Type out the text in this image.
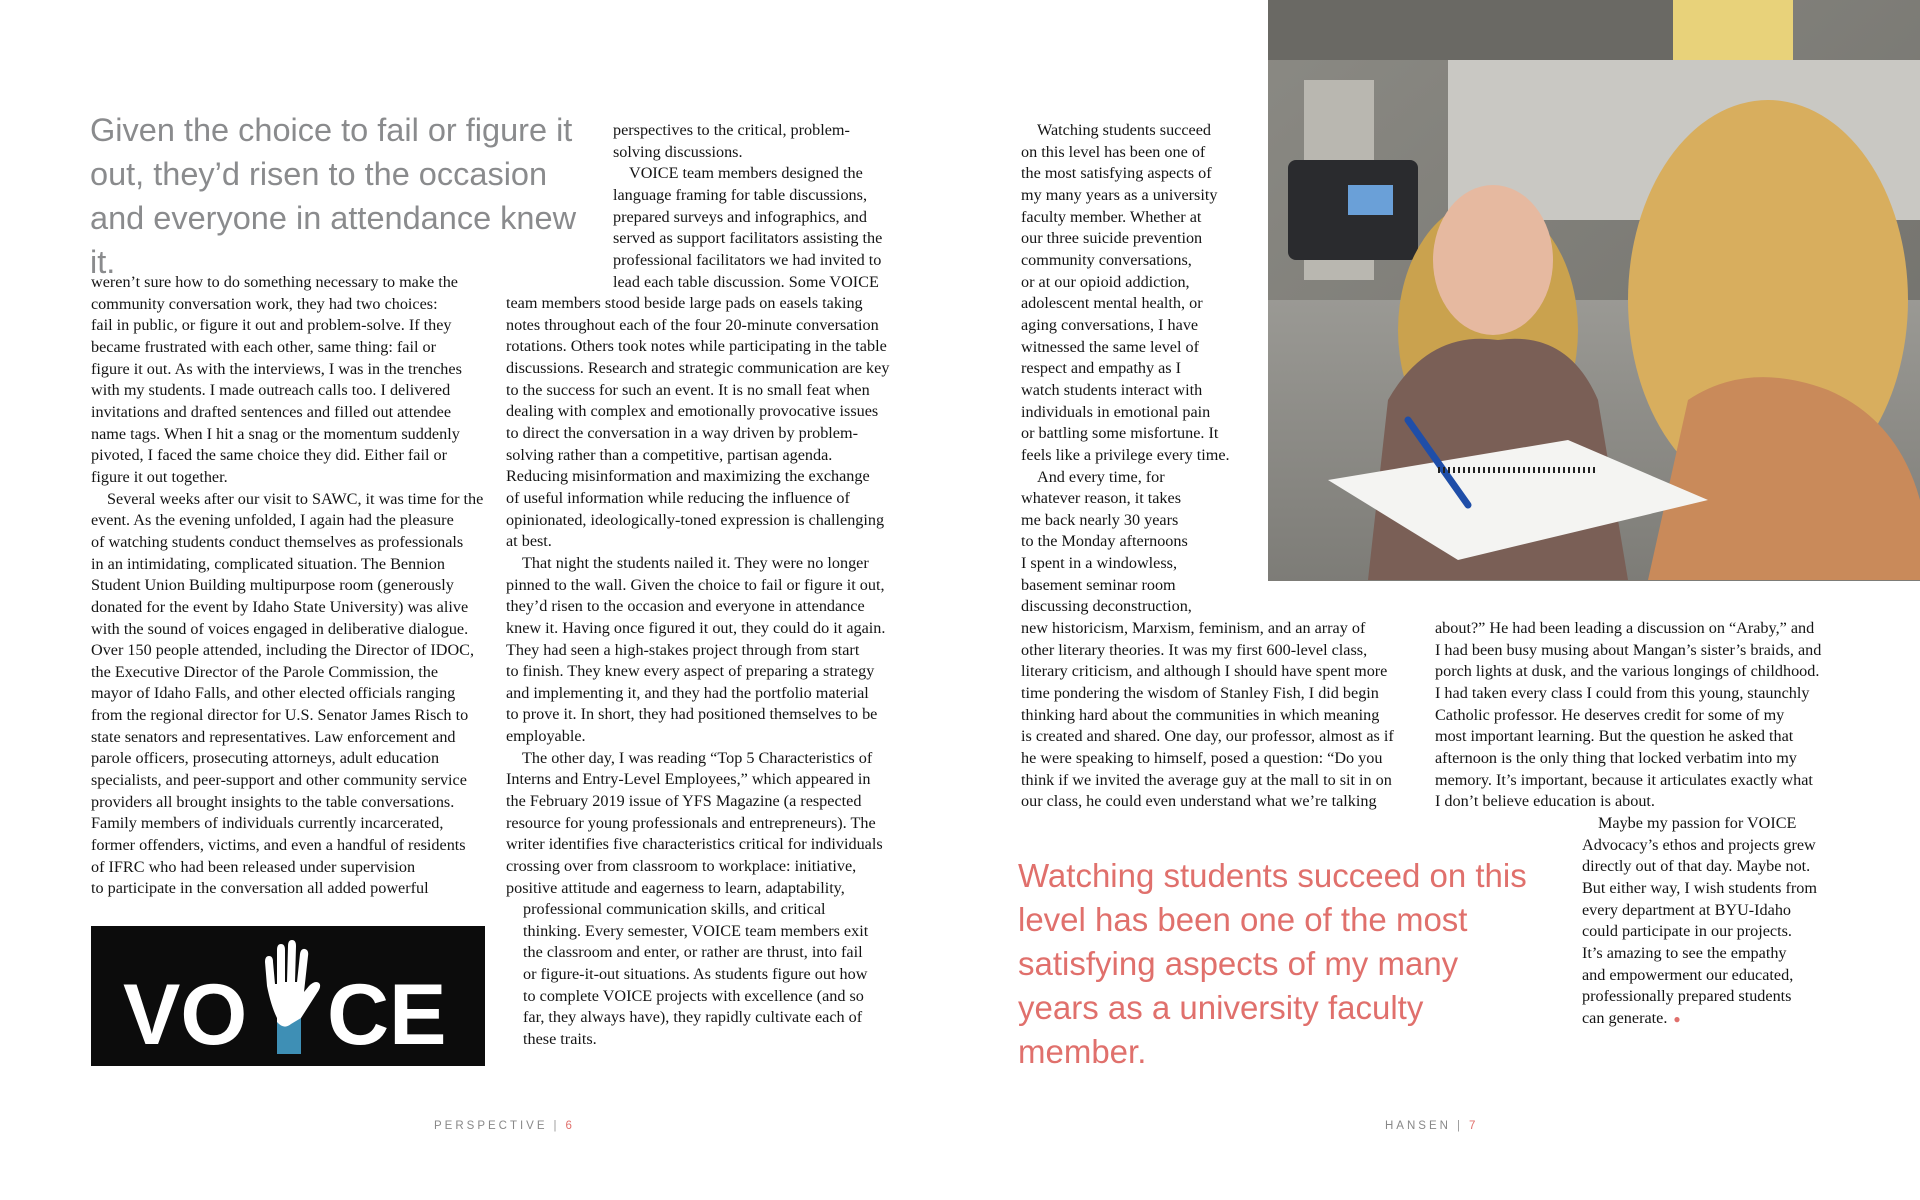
Given the choice to fail or figure it out, they’d risen to the occasion and everyone in attendance knew it.

weren’t sure how to do something necessary to make the

community conversation work, they had two choices:

fail in public, or figure it out and problem-solve. If they

became frustrated with each other, same thing: fail or

figure it out. As with the interviews, I was in the trenches

with my students. I made outreach calls too. I delivered

invitations and drafted sentences and filled out attendee

name tags. When I hit a snag or the momentum suddenly

pivoted, I faced the same choice they did. Either fail or

figure it out together.

Several weeks after our visit to SAWC, it was time for the

event. As the evening unfolded, I again had the pleasure

of watching students conduct themselves as professionals

in an intimidating, complicated situation. The Bennion

Student Union Building multipurpose room (generously

donated for the event by Idaho State University) was alive

with the sound of voices engaged in deliberative dialogue.

Over 150 people attended, including the Director of IDOC,

the Executive Director of the Parole Commission, the

mayor of Idaho Falls, and other elected officials ranging

from the regional director for U.S. Senator James Risch to

state senators and representatives. Law enforcement and

parole officers, prosecuting attorneys, adult education

specialists, and peer-support and other community service

providers all brought insights to the table conversations.

Family members of individuals currently incarcerated,

former offenders, victims, and even a handful of residents

of IFRC who had been released under supervision

to participate in the conversation all added powerful

perspectives to the critical, problem-

solving discussions.

VOICE team members designed the

language framing for table discussions,

prepared surveys and infographics, and

served as support facilitators assisting the

professional facilitators we had invited to

lead each table discussion. Some VOICE

team members stood beside large pads on easels taking

notes throughout each of the four 20-minute conversation

rotations. Others took notes while participating in the table

discussions. Research and strategic communication are key

to the success for such an event. It is no small feat when

dealing with complex and emotionally provocative issues

to direct the conversation in a way driven by problem-

solving rather than a competitive, partisan agenda.

Reducing misinformation and maximizing the exchange

of useful information while reducing the influence of

opinionated, ideologically-toned expression is challenging

at best.

That night the students nailed it. They were no longer

pinned to the wall. Given the choice to fail or figure it out,

they’d risen to the occasion and everyone in attendance

knew it. Having once figured it out, they could do it again.

They had seen a high-stakes project through from start

to finish. They knew every aspect of preparing a strategy

and implementing it, and they had the portfolio material

to prove it. In short, they had positioned themselves to be

employable.

The other day, I was reading “Top 5 Characteristics of

Interns and Entry-Level Employees,” which appeared in

the February 2019 issue of YFS Magazine (a respected

resource for young professionals and entrepreneurs). The

writer identifies five characteristics critical for individuals

crossing over from classroom to workplace: initiative,

positive attitude and eagerness to learn, adaptability,

professional communication skills, and critical

thinking. Every semester, VOICE team members exit

the classroom and enter, or rather are thrust, into fail

or figure-it-out situations. As students figure out how

to complete VOICE projects with excellence (and so

far, they always have), they rapidly cultivate each of

these traits.

VO CE
PERSPECTIVE | 6

Watching students succeed

on this level has been one of

the most satisfying aspects of

my many years as a university

faculty member. Whether at

our three suicide prevention

community conversations,

or at our opioid addiction,

adolescent mental health, or

aging conversations, I have

witnessed the same level of

respect and empathy as I

watch students interact with

individuals in emotional pain

or battling some misfortune. It

feels like a privilege every time.

And every time, for

whatever reason, it takes

me back nearly 30 years

to the Monday afternoons

I spent in a windowless,

basement seminar room

discussing deconstruction,

new historicism, Marxism, feminism, and an array of

other literary theories. It was my first 600-level class,

literary criticism, and although I should have spent more

time pondering the wisdom of Stanley Fish, I did begin

thinking hard about the communities in which meaning

is created and shared. One day, our professor, almost as if

he were speaking to himself, posed a question: “Do you

think if we invited the average guy at the mall to sit in on

our class, he could even understand what we’re talking

about?” He had been leading a discussion on “Araby,” and

I had been busy musing about Mangan’s sister’s braids, and

porch lights at dusk, and the various longings of childhood.

I had taken every class I could from this young, staunchly

Catholic professor. He deserves credit for some of my

most important learning. But the question he asked that

afternoon is the only thing that locked verbatim into my

memory. It’s important, because it articulates exactly what

I don’t believe education is about.

Maybe my passion for VOICE

Advocacy’s ethos and projects grew

directly out of that day. Maybe not.

But either way, I wish students from

every department at BYU-Idaho

could participate in our projects.

It’s amazing to see the empathy

and empowerment our educated,

professionally prepared students

can generate. ●

Watching students succeed on this level has been one of the most satisfying aspects of my many years as a university faculty member.
HANSEN | 7
